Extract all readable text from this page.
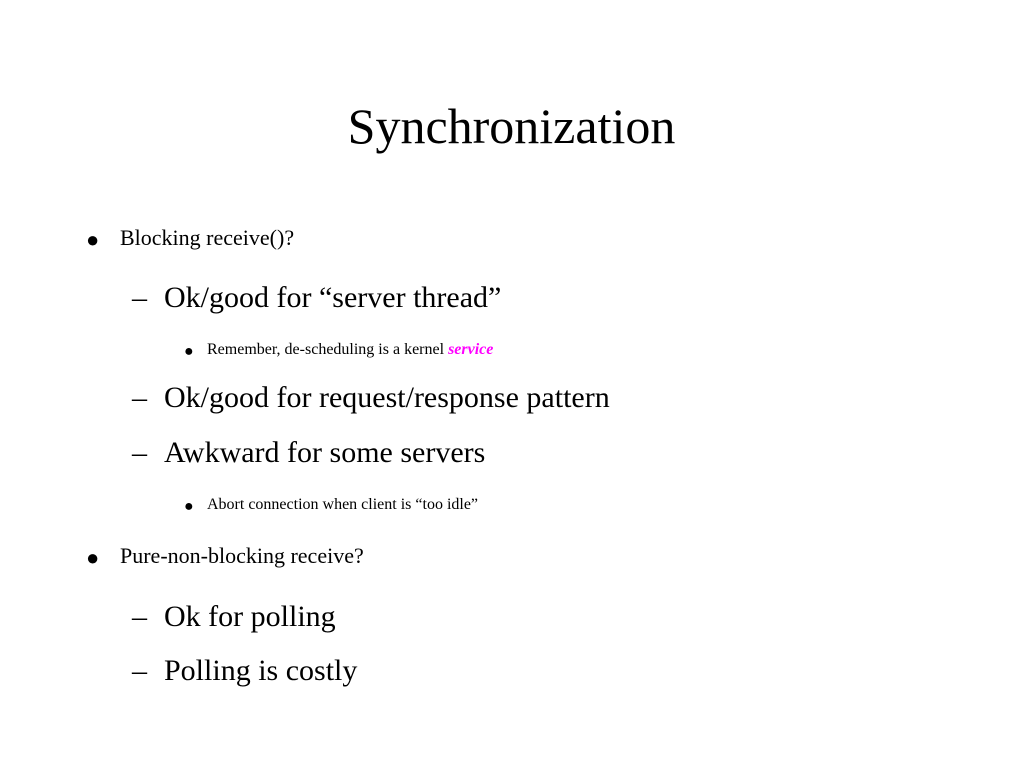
Synchronization
● Blocking receive()?
– Ok/good for “server thread”
● Remember, de-scheduling is a kernel service
– Ok/good for request/response pattern
– Awkward for some servers
● Abort connection when client is “too idle”
● Pure-non-blocking receive?
– Ok for polling
– Polling is costly
